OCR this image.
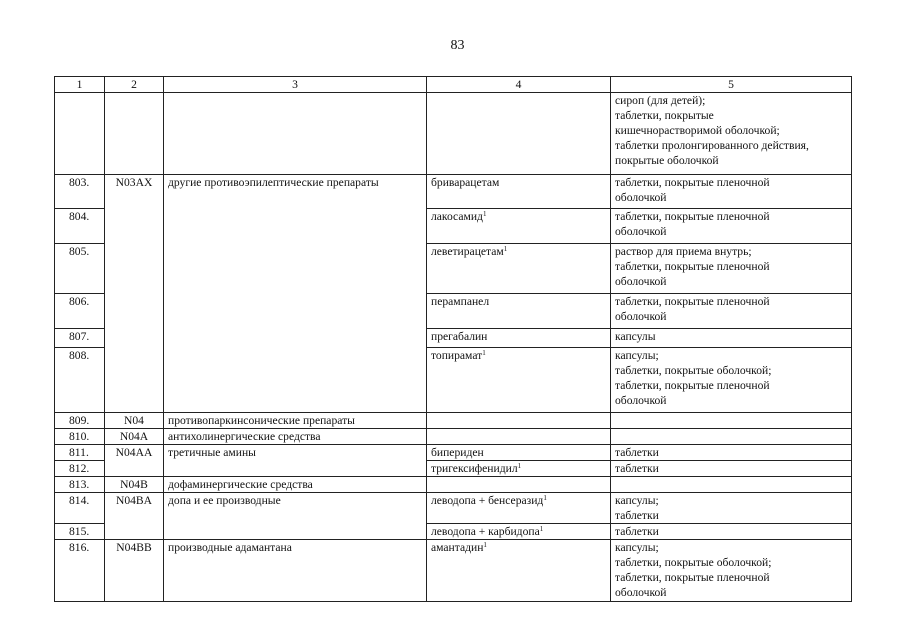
83
1	2	3	4	5

				сироп (для детей);
таблетки, покрытые
кишечнорастворимой оболочкой;
таблетки пролонгированного действия,
покрытые оболочкой

803.	N03AX	другие противоэпилептические препараты	бриварацетам	таблетки, покрытые пленочной
оболочкой

804.			лакосамид$^1$	таблетки, покрытые пленочной
оболочкой

805.			леветирацетам$^1$	раствор для приема внутрь;
таблетки, покрытые пленочной
оболочкой

806.			перампанел	таблетки, покрытые пленочной
оболочкой

807.			прегабалин	капсулы

808.			топирамат$^1$	капсулы;
таблетки, покрытые оболочкой;
таблетки, покрытые пленочной
оболочкой

809.	N04	противопаркинсонические препараты		
810.	N04A	антихолинергические средства		
811.	N04AA	третичные амины	бипериден	таблетки

812.			тригексифенидил$^1$	таблетки

813.	N04B	дофаминергические средства		
814.	N04BA	допа и ее производные	леводопа + бенсеразид$^1$	капсулы;
таблетки

815.			леводопа + карбидопа$^1$	таблетки

816.	N04BB	производные адамантана	амантадин$^1$	капсулы;
таблетки, покрытые оболочкой;
таблетки, покрытые пленочной
оболочкой
